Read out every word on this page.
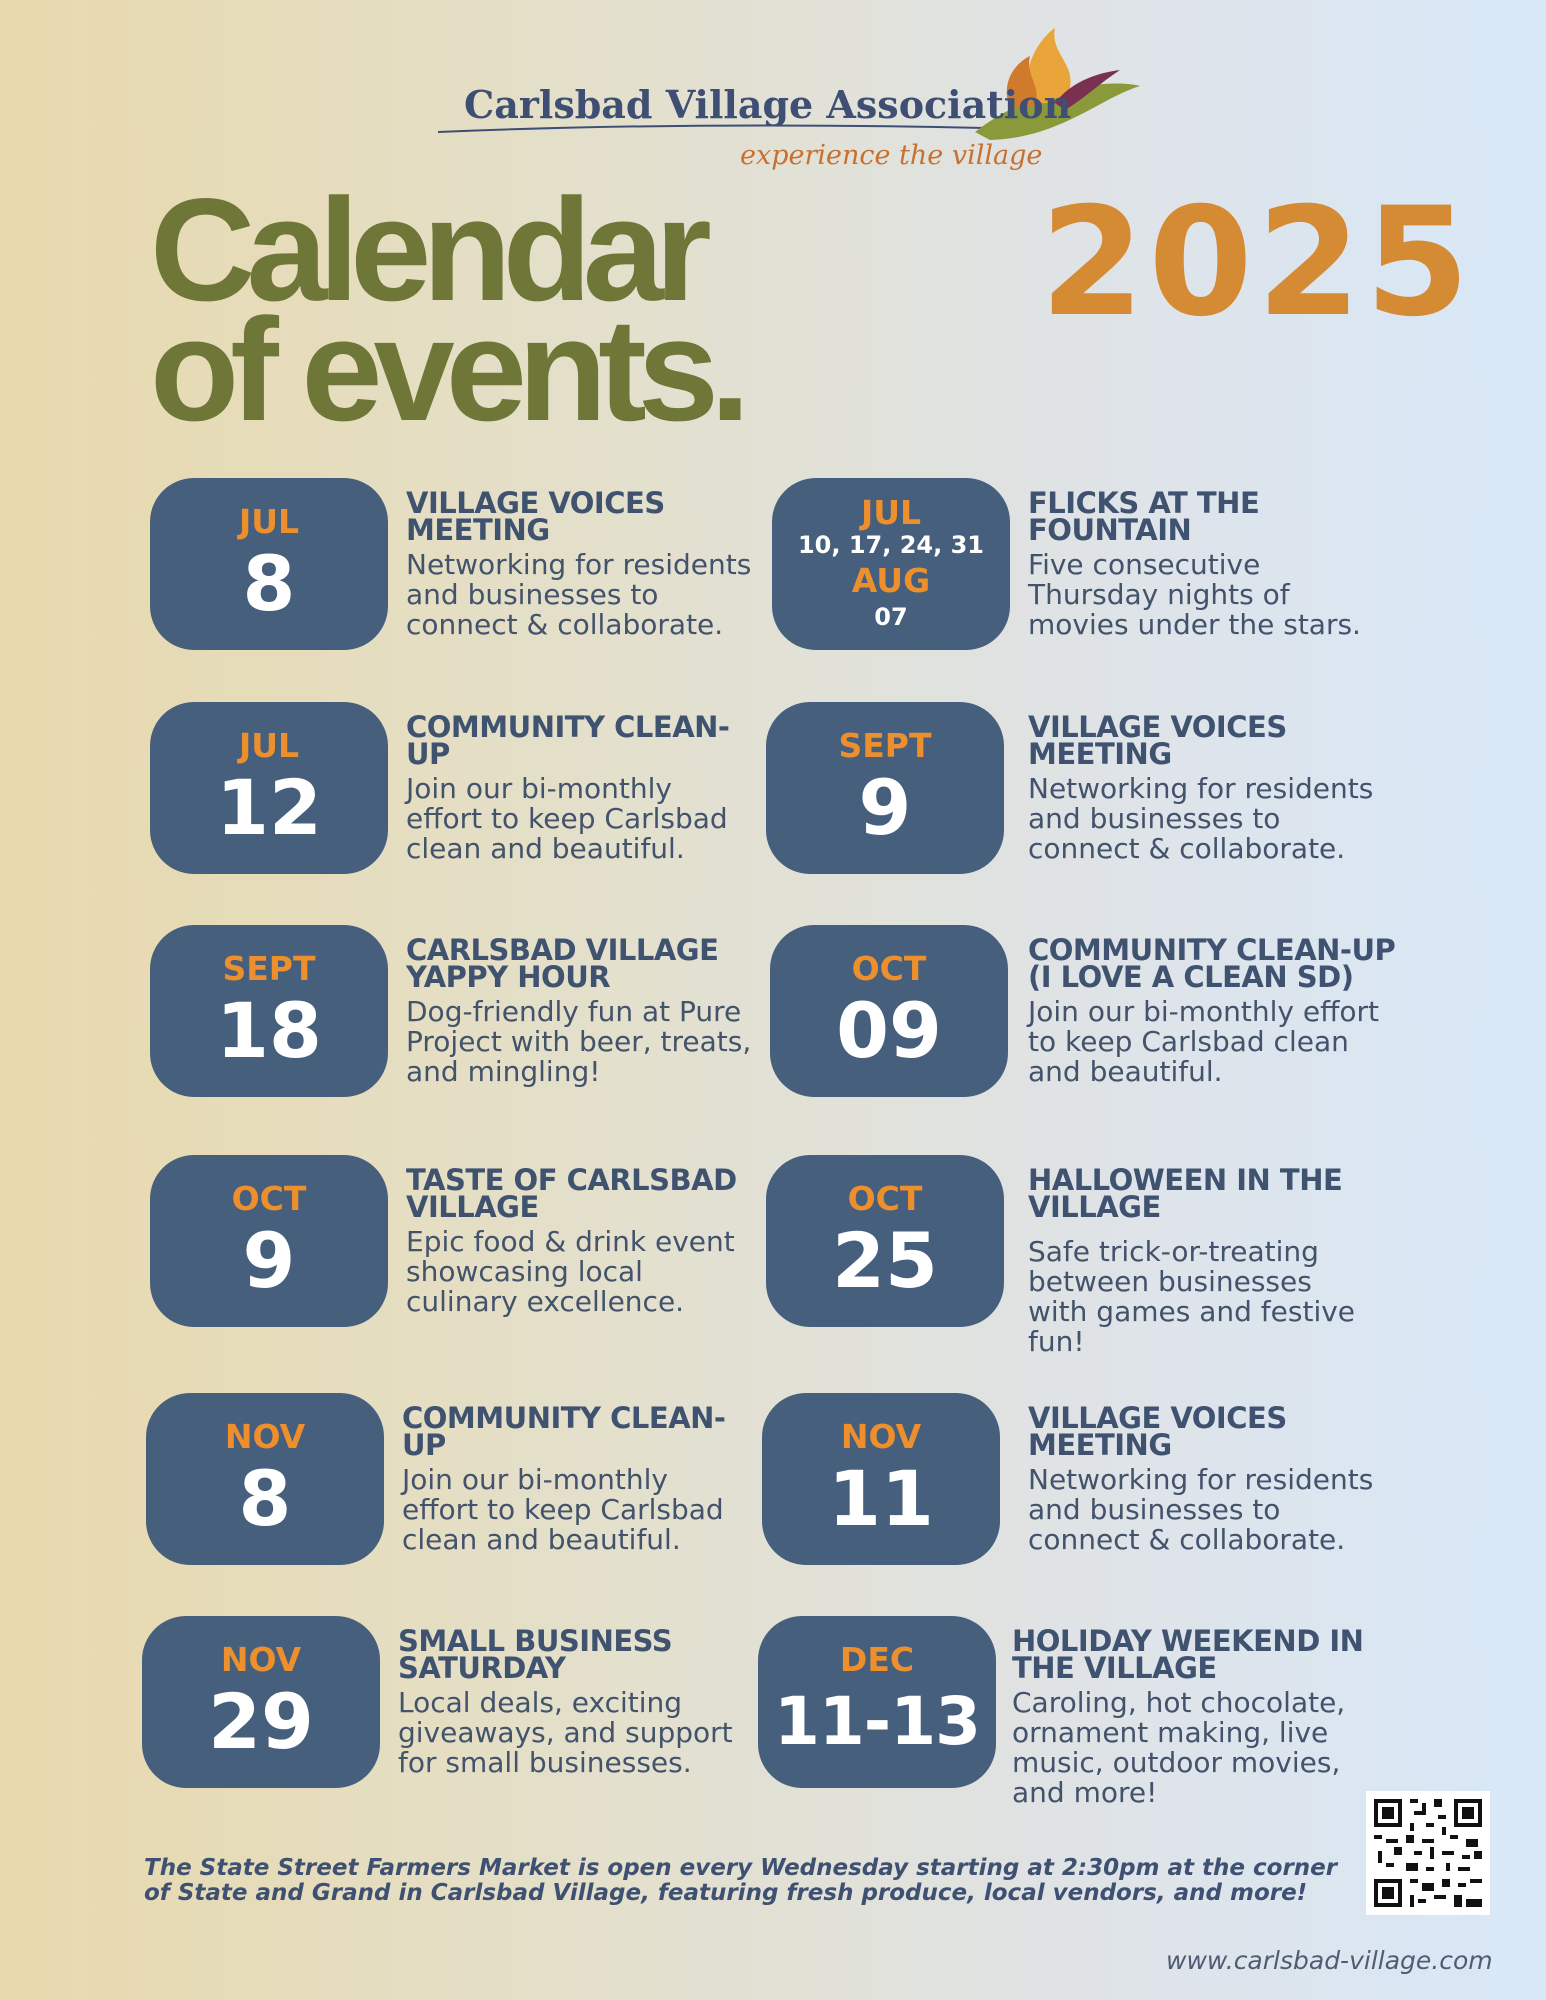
Carlsbad Village Association
experience the village
Calendar
of events.
2025
JUL
8
VILLAGE VOICES MEETING
Networking for residents and businesses to connect & collaborate.
JUL
12
COMMUNITY CLEAN-UP
Join our bi-monthly effort to keep Carlsbad clean and beautiful.
SEPT
18
CARLSBAD VILLAGE YAPPY HOUR
Dog-friendly fun at Pure Project with beer, treats, and mingling!
OCT
9
TASTE OF CARLSBAD VILLAGE
Epic food & drink event showcasing local culinary excellence.
NOV
8
COMMUNITY CLEAN-UP
Join our bi-monthly effort to keep Carlsbad clean and beautiful.
NOV
29
SMALL BUSINESS SATURDAY
Local deals, exciting giveaways, and support for small businesses.
JUL
10, 17, 24, 31
AUG
07
FLICKS AT THE FOUNTAIN
Five consecutive Thursday nights of movies under the stars.
SEPT
9
VILLAGE VOICES MEETING
Networking for residents and businesses to connect & collaborate.
OCT
09
COMMUNITY CLEAN-UP (I LOVE A CLEAN SD)
Join our bi-monthly effort to keep Carlsbad clean and beautiful.
OCT
25
HALLOWEEN IN THE VILLAGE
Safe trick-or-treating between businesses with games and festive fun!
NOV
11
VILLAGE VOICES MEETING
Networking for residents and businesses to connect & collaborate.
DEC
11-13
HOLIDAY WEEKEND IN THE VILLAGE
Caroling, hot chocolate, ornament making, live music, outdoor movies, and more!
The State Street Farmers Market is open every Wednesday starting at 2:30pm at the corner of State and Grand in Carlsbad Village, featuring fresh produce, local vendors, and more!
www.carlsbad-village.com
